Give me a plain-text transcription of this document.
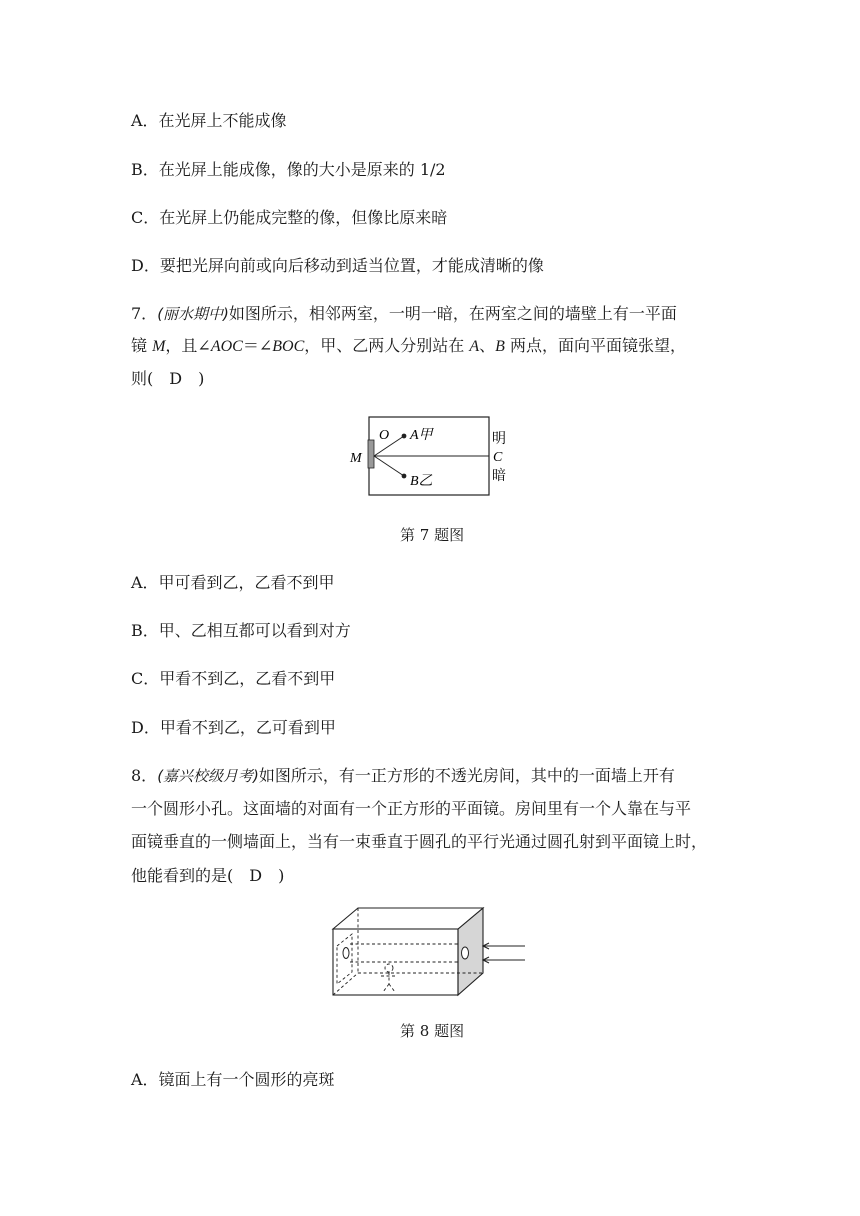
A．在光屏上不能成像
B．在光屏上能成像，像的大小是原来的 1/2
C．在光屏上仍能成完整的像，但像比原来暗
D．要把光屏向前或向后移动到适当位置，才能成清晰的像
7．(丽水期中)如图所示，相邻两室，一明一暗，在两室之间的墙壁上有一平面
镜 M，且∠AOC＝∠BOC，甲、乙两人分别站在 A、B 两点，面向平面镜张望，
则(　D　)
O A甲
B乙
M
明
C
暗
第 7 题图
A．甲可看到乙，乙看不到甲
B．甲、乙相互都可以看到对方
C．甲看不到乙，乙看不到甲
D．甲看不到乙，乙可看到甲
8．(嘉兴校级月考)如图所示，有一正方形的不透光房间，其中的一面墙上开有
一个圆形小孔。这面墙的对面有一个正方形的平面镜。房间里有一个人靠在与平
面镜垂直的一侧墙面上，当有一束垂直于圆孔的平行光通过圆孔射到平面镜上时，
他能看到的是(　D　)
第 8 题图
A．镜面上有一个圆形的亮斑
